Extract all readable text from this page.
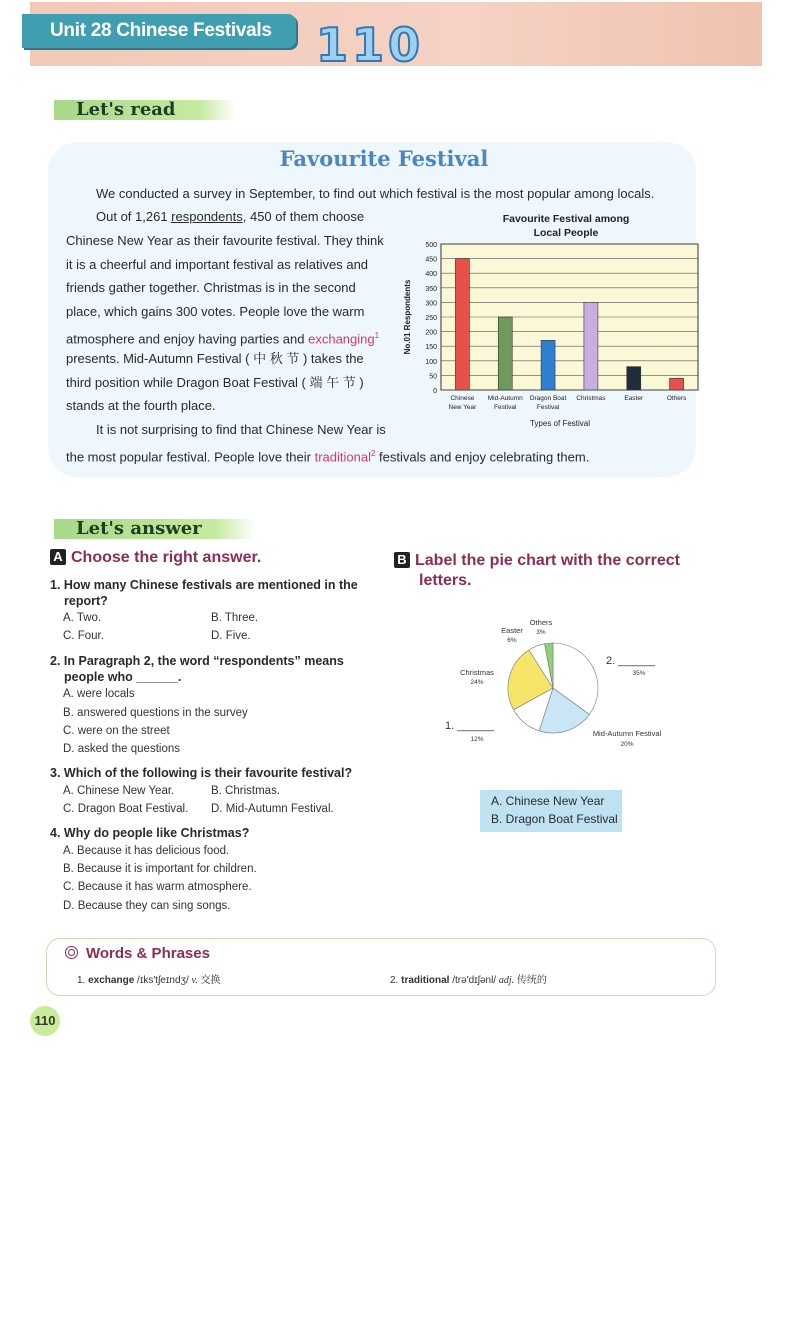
Unit 28 Chinese Festivals 110
Let's read
Favourite Festival
We conducted a survey in September, to find out which festival is the most popular among locals.
Out of 1,261 respondents, 450 of them choose
Chinese New Year as their favourite festival. They think
it is a cheerful and important festival as relatives and
friends gather together. Christmas is in the second
place, which gains 300 votes. People love the warm
atmosphere and enjoy having parties and exchanging$^1$
presents. Mid-Autumn Festival ( 中 秋 节 ) takes the
third position while Dragon Boat Festival ( 端 午 节 )
stands at the fourth place.
It is not surprising to find that Chinese New Year is
the most popular festival. People love their traditional$^2$ festivals and enjoy celebrating them.
Favourite Festival among
Local People
0
50
100
150
200
250
300
350
400
450
500
Chinese
New Year
Mid-Autumn
Festival
Dragon Boat
Festival
Christmas	Easter	Others
No.01 Respondents
Types of Festival
Let's answer
A Choose the right answer.
1. How many Chinese festivals are mentioned in the
report?
A. Two.	B. Three.
C. Four.	D. Five.
2. In Paragraph 2, the word “respondents” means
people who ______.
A. were locals
B. answered questions in the survey
C. were on the street
D. asked the questions
3. Which of the following is their favourite festival?
A. Chinese New Year.	B. Christmas.
C. Dragon Boat Festival. D. Mid-Autumn Festival.
4. Why do people like Christmas?
A. Because it has delicious food.
B. Because it is important for children.
C. Because it has warm atmosphere.
D. Because they can sing songs.
B Label the pie chart with the correct
letters.
Easter
6%
Others
3%
Christmas
24%
2. ______
35%
1. ______
12%
Mid-Autumn Festival
20%
A. Chinese New Year
B. Dragon Boat Festival
Words & Phrases
1. exchange /ɪks'tʃeɪndʒ/ v. 交换	2. traditional /trə'dɪʃənl/ adj. 传统的
110
